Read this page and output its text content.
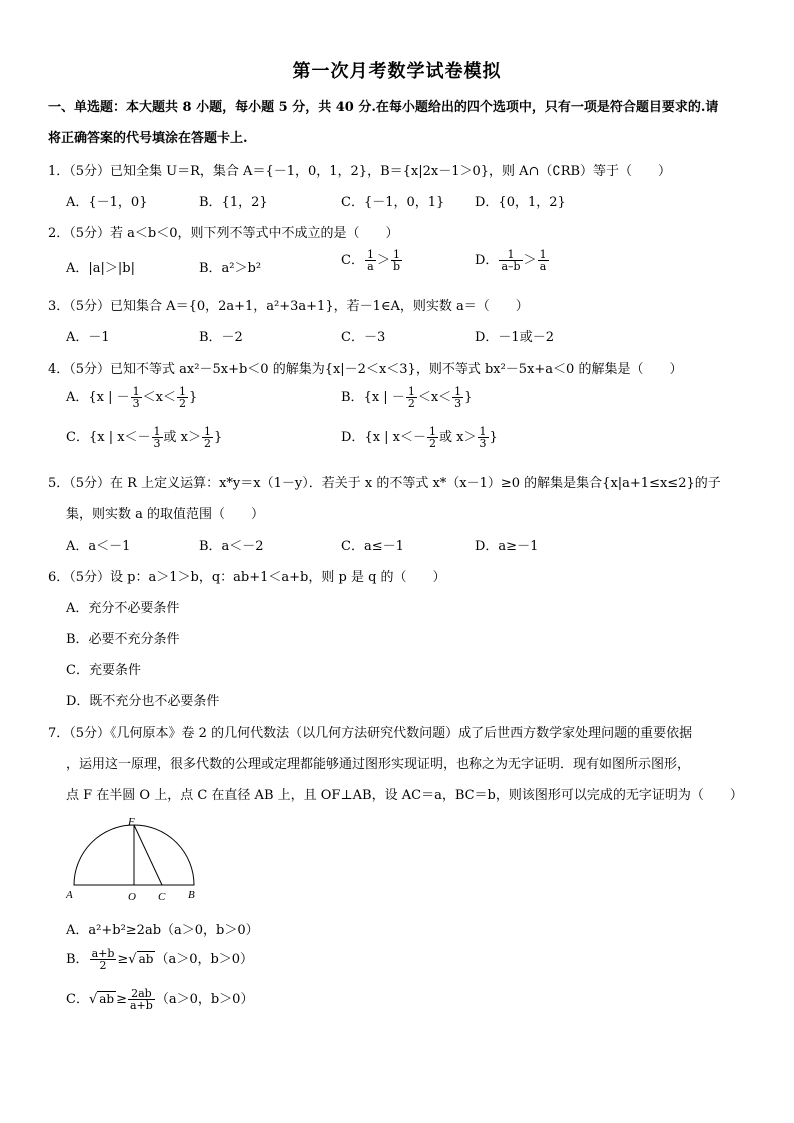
第一次月考数学试卷模拟
一、单选题：本大题共 8 小题，每小题 5 分，共 40 分.在每小题给出的四个选项中，只有一项是符合题目要求的.请
将正确答案的代号填涂在答题卡上.
1．（5分）已知全集 U＝R，集合 A＝{－1，0，1，2}，B＝{x|2x－1＞0}，则 A∩（∁RB）等于（　　）
A．{－1，0}	B．{1，2}	C．{－1，0，1} D．{0，1，2}
2．（5分）若 a＜b＜0，则下列不等式中不成立的是（　　）
A．|a|＞|b|	B．a²＞b²
C． $\frac{1}{a} > \frac{1}{b}$	D． $\frac{1}{a-b} > \frac{1}{a}$
3．（5分）已知集合 A＝{0，2a+1，a²+3a+1}，若－1∈A，则实数 a＝（　　）
A．－1	B．－2	C．－3	D．－1或－2
4．（5分）已知不等式 ax²－5x+b＜0 的解集为{x|－2＜x＜3}，则不等式 bx²－5x+a＜0 的解集是（　　）
A．{x | － $\frac{1}{3} <x< \frac{1}{2}$ }	B．{x | － $\frac{1}{2} <x< \frac{1}{3}$ }
C．{x | $x<- \frac{1}{3}$ 或 $x> \frac{1}{2}$ }	D．{x | $x<- \frac{1}{2}$ 或 $x> \frac{1}{3}$ }
5．（5分）在 R 上定义运算：x*y＝x（1－y）．若关于 x 的不等式 x*（x－1）≥0 的解集是集合{x|a+1≤x≤2}的子
集，则实数 a 的取值范围（　　）
A．a＜－1	B．a＜－2	C．a≤－1	D．a≥－1
6．（5分）设 p：a＞1＞b，q：ab+1＜a+b，则 p 是 q 的（　　）
A．充分不必要条件
B．必要不充分条件
C．充要条件
D．既不充分也不必要条件
7．（5分）《几何原本》卷 2 的几何代数法（以几何方法研究代数问题）成了后世西方数学家处理问题的重要依据
，运用这一原理，很多代数的公理或定理都能够通过图形实现证明，也称之为无字证明．现有如图所示图形，
点 F 在半圆 O 上，点 C 在直径 AB 上，且 OF⊥AB，设 AC＝a，BC＝b，则该图形可以完成的无字证明为（　　）
F
A	O C B
A．a²+b²≥2ab（a＞0，b＞0）
B． $\frac{a+b}{2}$ ≥√ ab （a＞0，b＞0）
C．√ ab ≥ $\frac{2ab}{a+b} (a>0$，b＞0）
